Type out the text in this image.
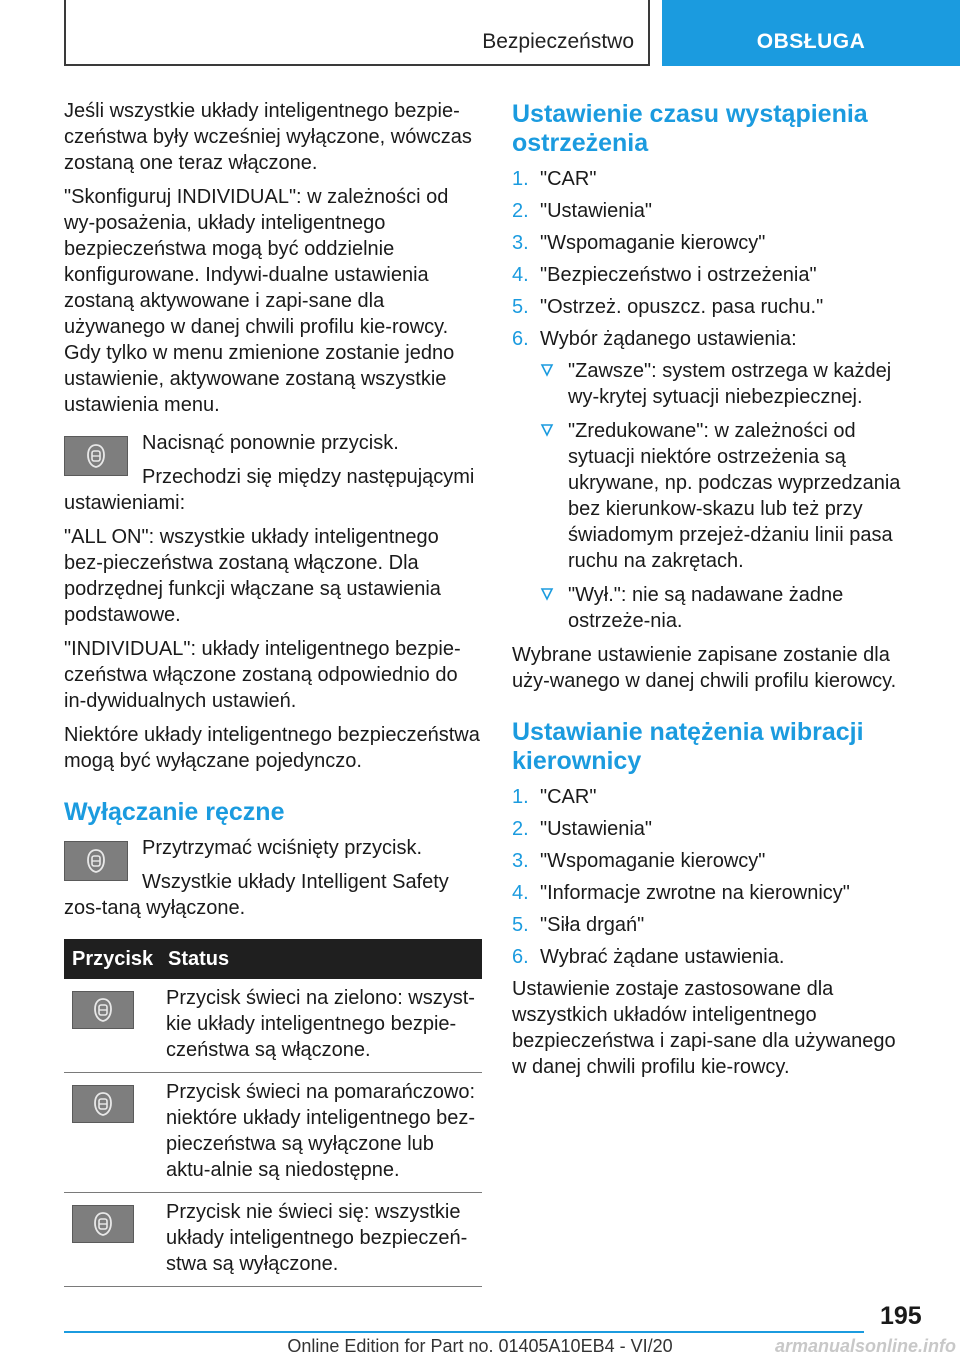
Bezpieczeństwo	OBSŁUGA

Jeśli wszystkie układy inteligentnego bezpie-czeństwa były wcześniej wyłączone, wówczas zostaną one teraz włączone.

"Skonfiguruj INDIVIDUAL": w zależności od wy-posażenia, układy inteligentnego bezpieczeństwa mogą być oddzielnie konfigurowane. Indywi-dualne ustawienia zostaną aktywowane i zapi-sane dla używanego w danej chwili profilu kie-rowcy. Gdy tylko w menu zmienione zostanie jedno ustawienie, aktywowane zostaną wszystkie ustawienia menu.

Nacisnąć ponownie przycisk.

Przechodzi się między następującymi ustawieniami:

"ALL ON": wszystkie układy inteligentnego bez-pieczeństwa zostaną włączone. Dla podrzędnej funkcji włączane są ustawienia podstawowe.

"INDIVIDUAL": układy inteligentnego bezpie-czeństwa włączone zostaną odpowiednio do in-dywidualnych ustawień.

Niektóre układy inteligentnego bezpieczeństwa mogą być wyłączane pojedynczo.

Wyłączanie ręczne

Przytrzymać wciśnięty przycisk.

Wszystkie układy Intelligent Safety zos-taną wyłączone.

Przycisk	Status

	Przycisk świeci na zielono: wszyst-kie układy inteligentnego bezpie-czeństwa są włączone.

	Przycisk świeci na pomarańczowo: niektóre układy inteligentnego bez-pieczeństwa są wyłączone lub aktu-alnie są niedostępne.

	Przycisk nie świeci się: wszystkie układy inteligentnego bezpieczeń-stwa są wyłączone.
Ustawienie czasu wystąpienia ostrzeżenia
1. "CAR"
2. "Ustawienia"
3. "Wspomaganie kierowcy"
4. "Bezpieczeństwo i ostrzeżenia"
5. "Ostrzeż. opuszcz. pasa ruchu."
6. Wybór żądanego ustawienia:
"Zawsze": system ostrzega w każdej wy-krytej sytuacji niebezpiecznej.
"Zredukowane": w zależności od sytuacji niektóre ostrzeżenia są ukrywane, np. podczas wyprzedzania bez kierunkow-skazu lub też przy świadomym przejeż-dżaniu linii pasa ruchu na zakrętach.
"Wył.": nie są nadawane żadne ostrzeże-nia.

Wybrane ustawienie zapisane zostanie dla uży-wanego w danej chwili profilu kierowcy.

Ustawianie natężenia wibracji kierownicy
1. "CAR"
2. "Ustawienia"
3. "Wspomaganie kierowcy"
4. "Informacje zwrotne na kierownicy"
5. "Siła drgań"
6. Wybrać żądane ustawienia.

Ustawienie zostaje zastosowane dla wszystkich układów inteligentnego bezpieczeństwa i zapi-sane dla używanego w danej chwili profilu kie-rowcy.

195
Online Edition for Part no. 01405A10EB4 - VI/20	armanualsonline.info
